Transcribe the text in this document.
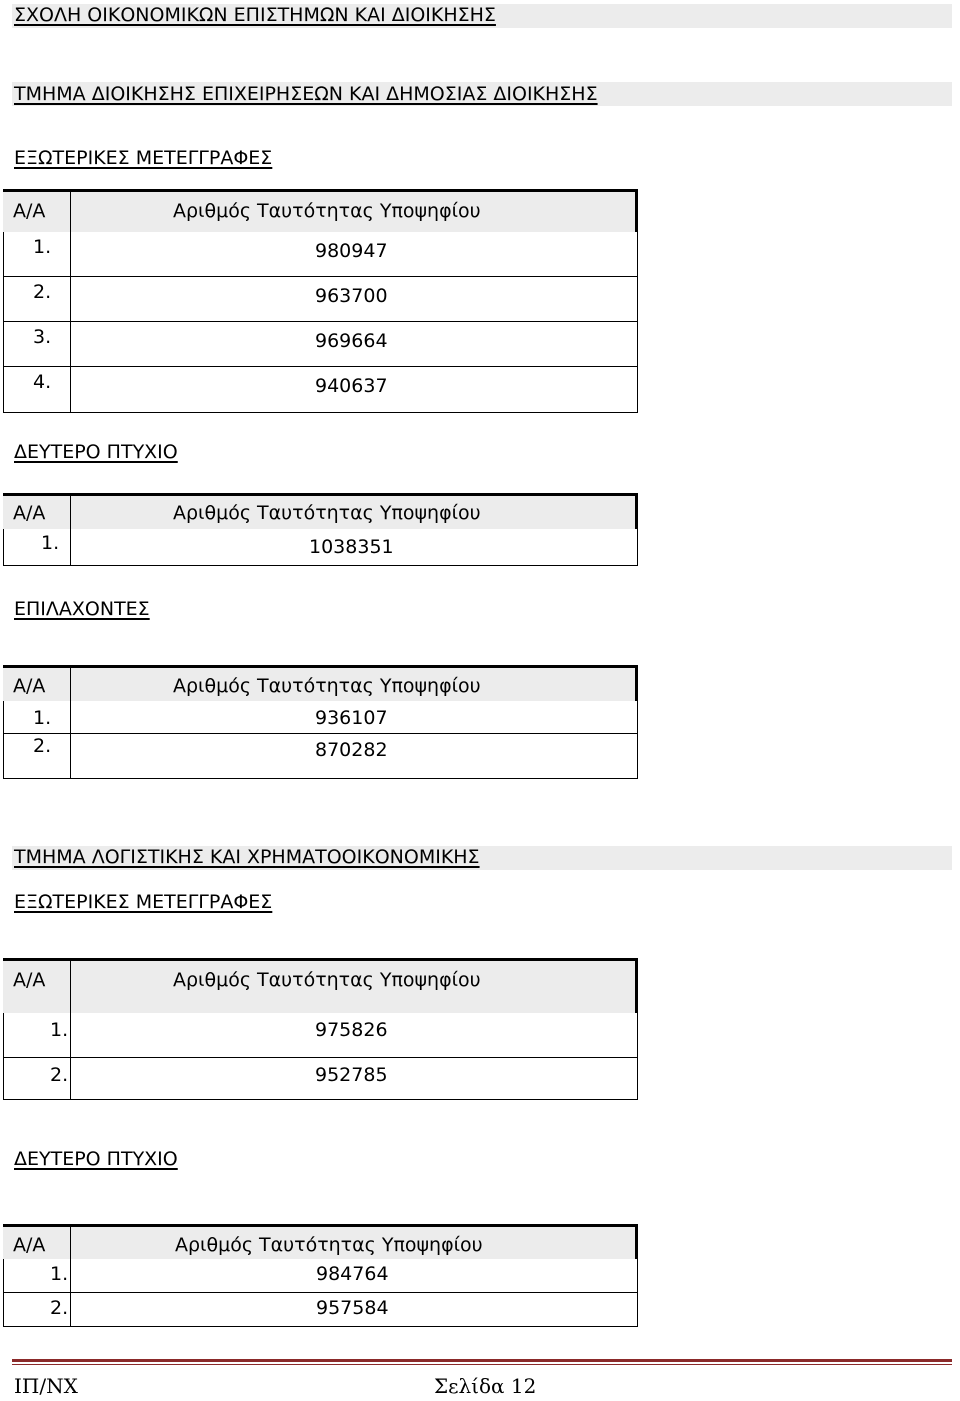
ΣΧΟΛΗ ΟΙΚΟΝΟΜΙΚΩΝ ΕΠΙΣΤΗΜΩΝ ΚΑΙ ΔΙΟΙΚΗΣΗΣ
ΤΜΗΜΑ ΔΙΟΙΚΗΣΗΣ ΕΠΙΧΕΙΡΗΣΕΩΝ ΚΑΙ ΔΗΜΟΣΙΑΣ ΔΙΟΙΚΗΣΗΣ
ΕΞΩΤΕΡΙΚΕΣ ΜΕΤΕΓΓΡΑΦΕΣ
Α/Α	Αριθμός Ταυτότητας Υποψηφίου
1.	980947
2.	963700
3.	969664
4.	940637
ΔΕΥΤΕΡΟ ΠΤΥΧΙΟ
Α/Α	Αριθμός Ταυτότητας Υποψηφίου
1.	1038351
ΕΠΙΛΑΧΟΝΤΕΣ
Α/Α	Αριθμός Ταυτότητας Υποψηφίου
1.	936107
2.	870282
ΤΜΗΜΑ ΛΟΓΙΣΤΙΚΗΣ ΚΑΙ ΧΡΗΜΑΤΟΟΙΚΟΝΟΜΙΚΗΣ
ΕΞΩΤΕΡΙΚΕΣ ΜΕΤΕΓΓΡΑΦΕΣ
Α/Α	Αριθμός Ταυτότητας Υποψηφίου
1.	975826
2.	952785
ΔΕΥΤΕΡΟ ΠΤΥΧΙΟ
Α/Α	Αριθμός Ταυτότητας Υποψηφίου
1.	984764
2.	957584
ΙΠ/ΝΧ	Σελίδα 12
